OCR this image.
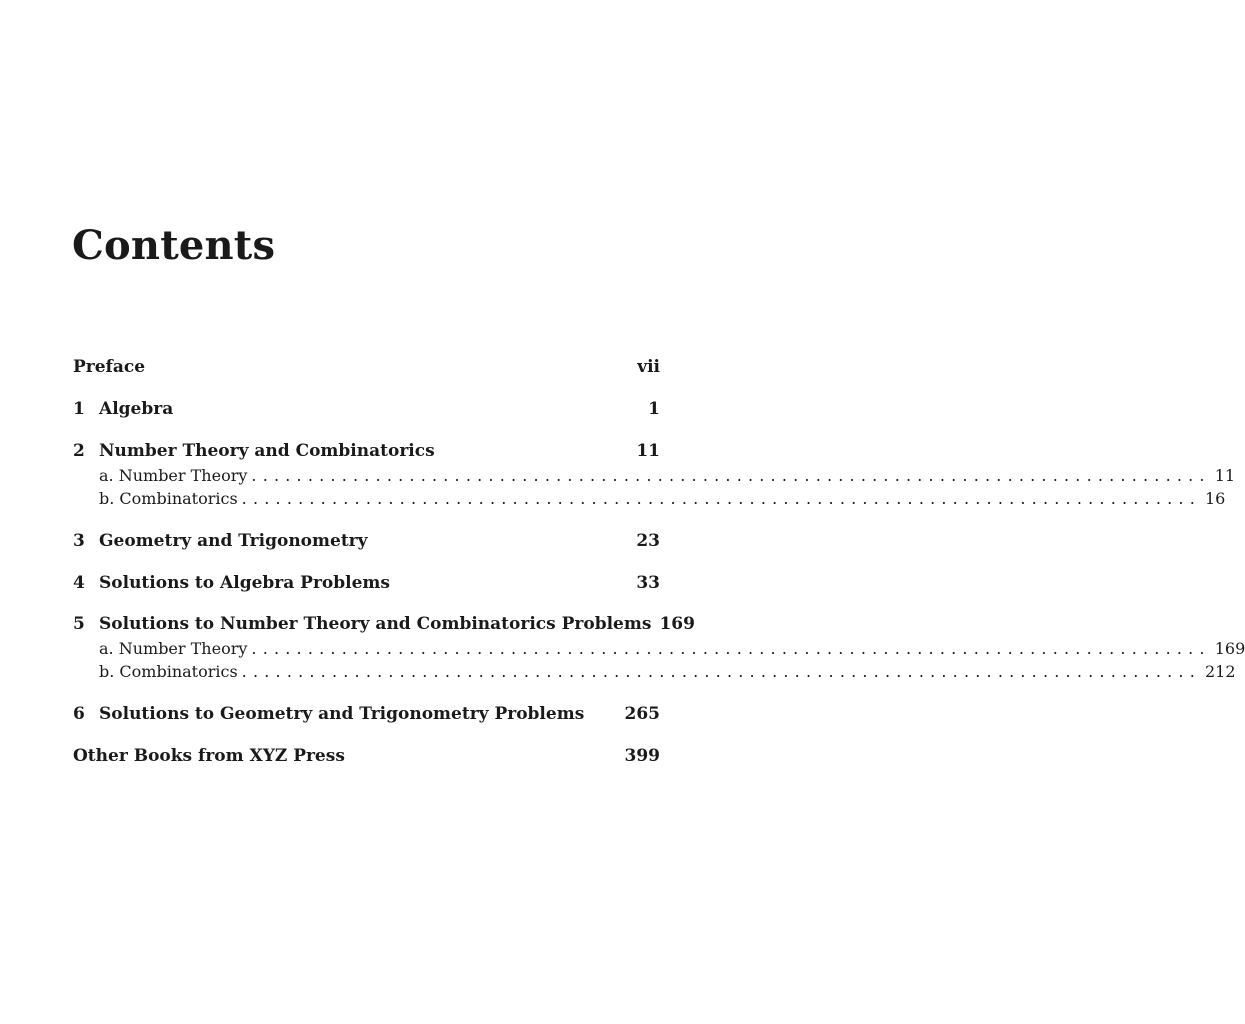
Contents
Preface	vii
1 Algebra	1
2 Number Theory and Combinatorics	11
a. Number Theory ..................................................................................... 11
b. Combinatorics ..................................................................................... 16
3 Geometry and Trigonometry	23
4 Solutions to Algebra Problems	33
5 Solutions to Number Theory and Combinatorics Problems 169
a. Number Theory ..................................................................................... 169
b. Combinatorics ..................................................................................... 212
6 Solutions to Geometry and Trigonometry Problems	265
Other Books from XYZ Press	399
